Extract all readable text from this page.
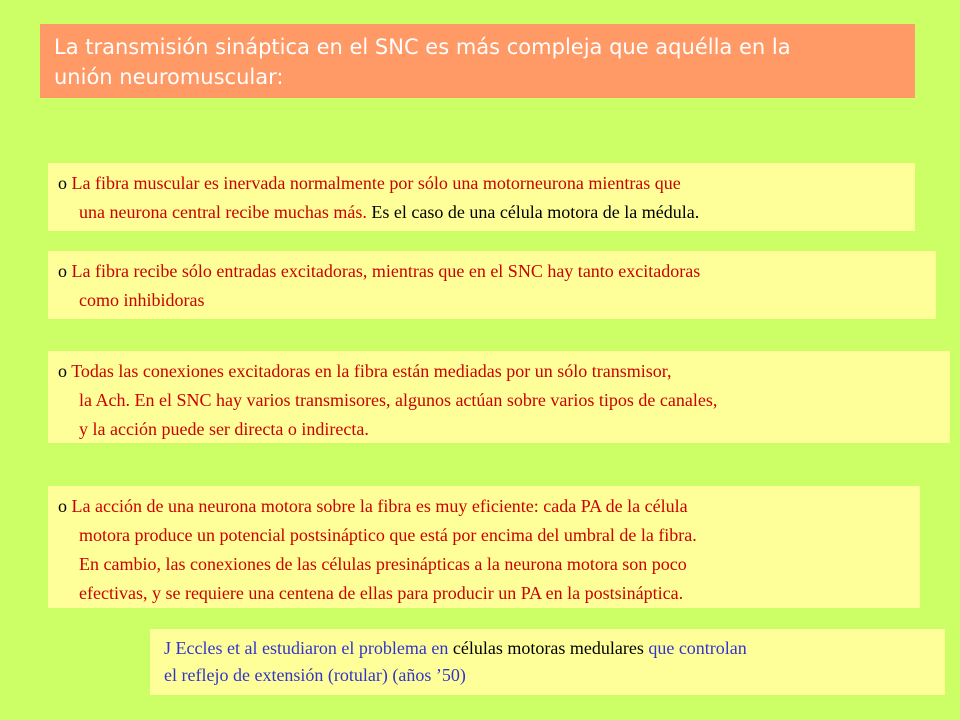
La transmisión sináptica en el SNC es más compleja que aquélla en la
unión neuromuscular:
o La fibra muscular es inervada normalmente por sólo una motorneurona mientras que
una neurona central recibe muchas más. Es el caso de una célula motora de la médula.
o La fibra recibe sólo entradas excitadoras, mientras que en el SNC hay tanto excitadoras
como inhibidoras
o Todas las conexiones excitadoras en la fibra están mediadas por un sólo transmisor,
la Ach. En el SNC hay varios transmisores, algunos actúan sobre varios tipos de canales,
y la acción puede ser directa o indirecta.
o La acción de una neurona motora sobre la fibra es muy eficiente: cada PA de la célula
motora produce un potencial postsináptico que está por encima del umbral de la fibra.
En cambio, las conexiones de las células presinápticas a la neurona motora son poco
efectivas, y se requiere una centena de ellas para producir un PA en la postsináptica.
J Eccles et al estudiaron el problema en células motoras medulares que controlan
el reflejo de extensión (rotular) (años ’50)
